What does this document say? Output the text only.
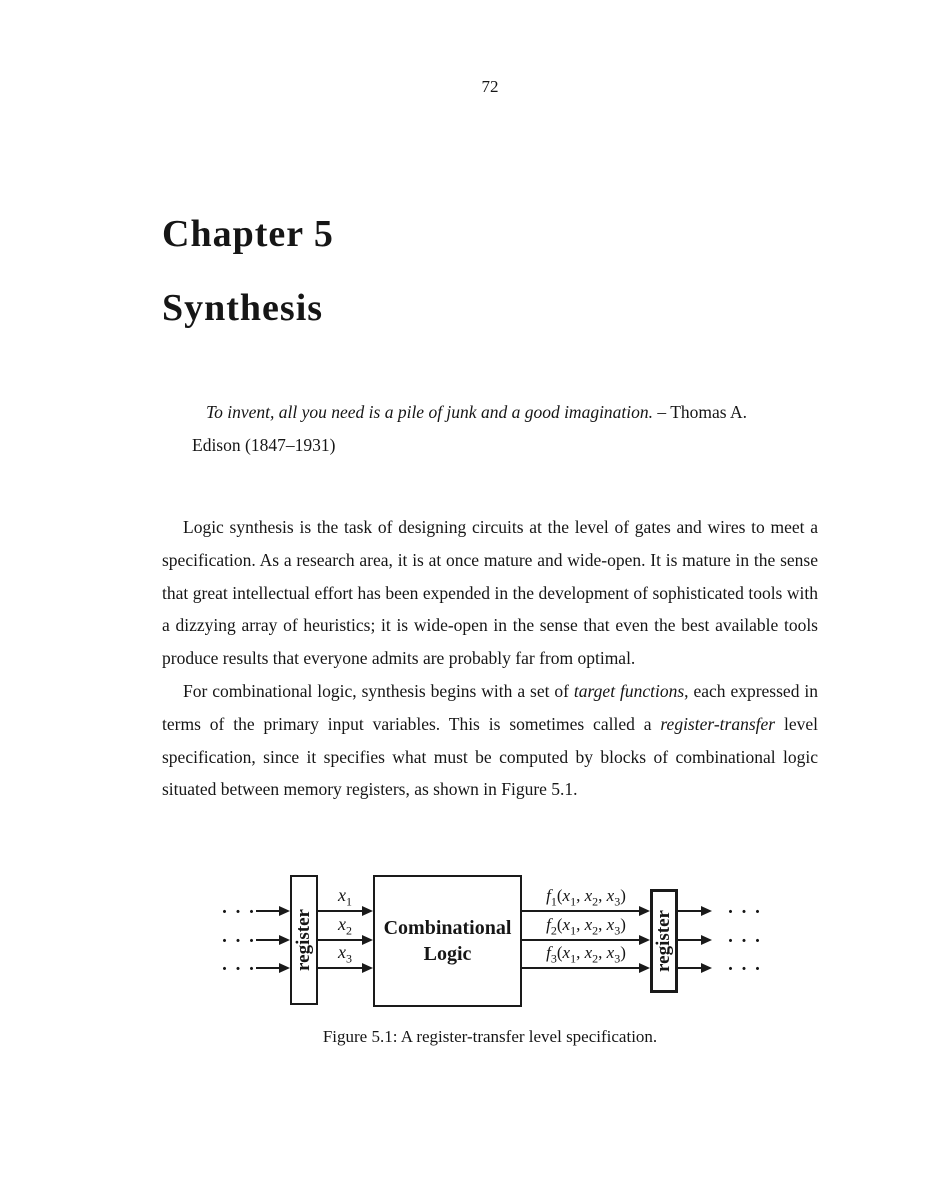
72
Chapter 5
Synthesis
To invent, all you need is a pile of junk and a good imagination. – Thomas A. Edison (1847–1931)

Logic synthesis is the task of designing circuits at the level of gates and wires to meet a specification. As a research area, it is at once mature and wide-open. It is mature in the sense that great intellectual effort has been expended in the development of sophisticated tools with a dizzying array of heuristics; it is wide-open in the sense that even the best available tools produce results that everyone admits are probably far from optimal.

For combinational logic, synthesis begins with a set of target functions, each expressed in terms of the primary input variables. This is sometimes called a register-transfer level specification, since it specifies what must be computed by blocks of combinational logic situated between memory registers, as shown in Figure 5.1.

. . .
. . .
. . . register
$x_1$
$x_2$
$x_3$
Combinational
Logic
$f_1(x_1$, $x_2$, $x_3$)
$f_2(x_1$, $x_2$, $x_3$)
$f_3(x_1$, $x_2$, $x_3$)	register
. . .
. . .
. . .
Figure 5.1: A register-transfer level specification.
